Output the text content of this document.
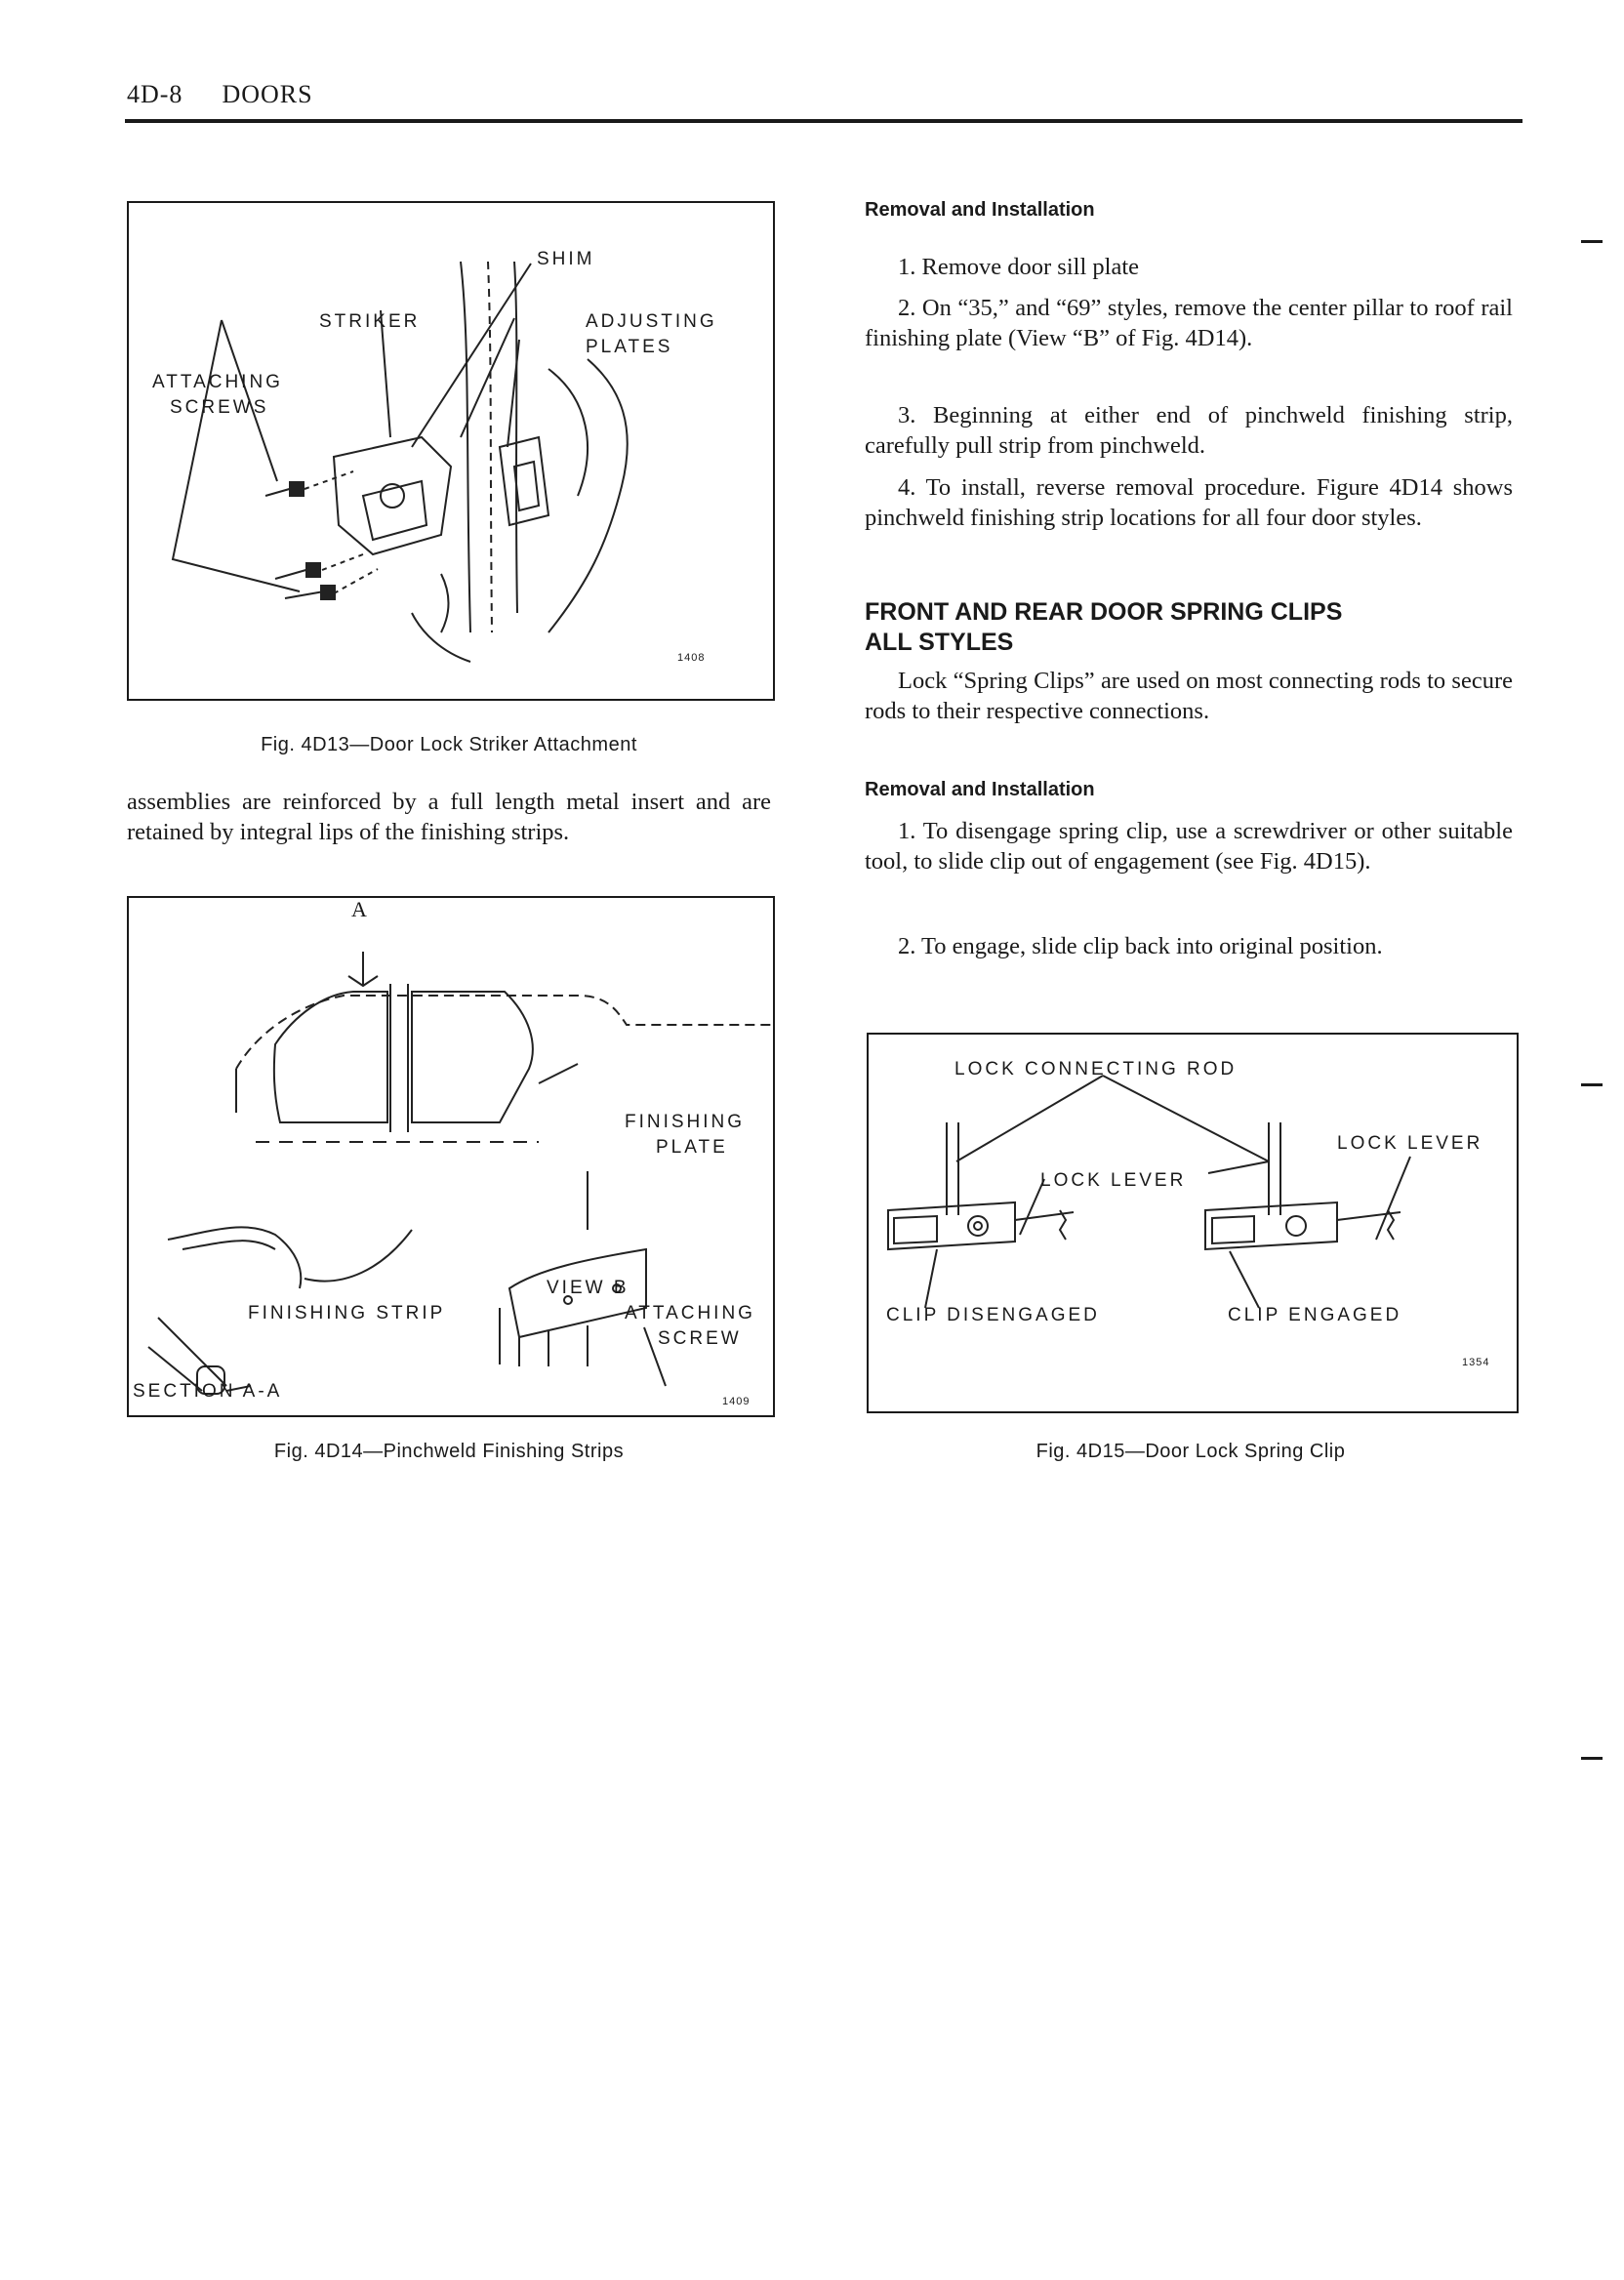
4D-8 DOORS
SHIM
STRIKER	ADJUSTING
PLATES
ATTACHING
SCREWS
1408
Fig. 4D13—Door Lock Striker Attachment
assemblies are reinforced by a full length metal insert and are retained by integral lips of the finishing strips.
A
FINISHING
PLATE
VIEW B
FINISHING STRIP	ATTACHING
SCREW
SECTION A-A	1409
Fig. 4D14—Pinchweld Finishing Strips
Removal and Installation
1. Remove door sill plate
2. On “35,” and “69” styles, remove the center pillar to roof rail finishing plate (View “B” of Fig. 4D14).
3. Beginning at either end of pinchweld finishing strip, carefully pull strip from pinchweld.
4. To install, reverse removal procedure. Figure 4D14 shows pinchweld finishing strip locations for all four door styles.
FRONT AND REAR DOOR SPRING CLIPS
ALL STYLES
Lock “Spring Clips” are used on most connecting rods to secure rods to their respective connections.
Removal and Installation
1. To disengage spring clip, use a screwdriver or other suitable tool, to slide clip out of engagement (see Fig. 4D15).
2. To engage, slide clip back into original position.
LOCK CONNECTING ROD
LOCK LEVER
LOCK LEVER
CLIP DISENGAGED	CLIP ENGAGED
1354
Fig. 4D15—Door Lock Spring Clip
